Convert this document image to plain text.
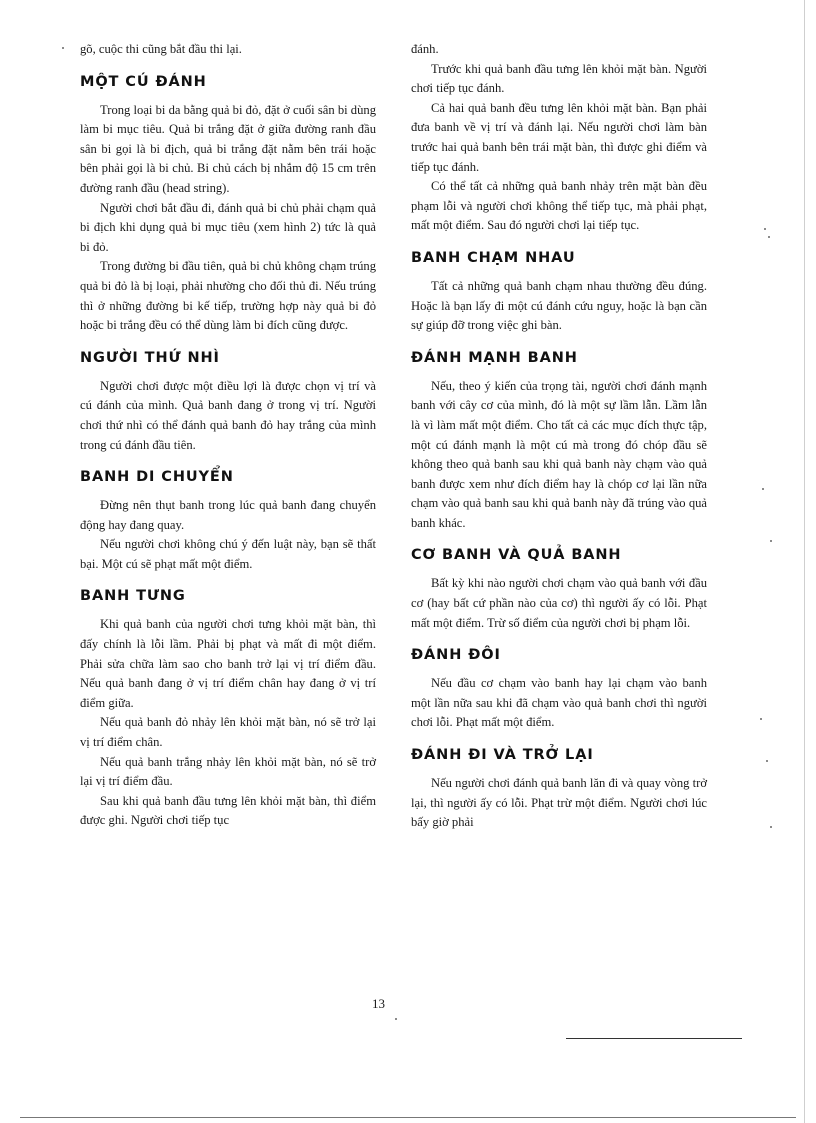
gõ, cuộc thi cũng bắt đầu thi lại.

MỘT CÚ ĐÁNH

Trong loại bi da bằng quả bi đỏ, đặt ở cuối sân bi dùng làm bi mục tiêu. Quả bi trắng đặt ở giữa đường ranh đầu sân bi gọi là bi địch, quả bi trắng đặt nằm bên trái hoặc bên phải gọi là bi chủ. Bi chủ cách bị nhắm độ 15 cm trên đường ranh đầu (head string).

Người chơi bắt đầu đi, đánh quả bi chủ phải chạm quả bi địch khi dụng quả bi mục tiêu (xem hình 2) tức là quả bi đỏ.

Trong đường bi đầu tiên, quả bi chủ không chạm trúng quả bi đỏ là bị loại, phải nhường cho đối thủ đi. Nếu trúng thì ở những đường bi kế tiếp, trường hợp này quả bi đỏ hoặc bi trắng đều có thể dùng làm bi đích cũng được.

NGƯỜI THỨ NHÌ

Người chơi được một điều lợi là được chọn vị trí và cú đánh của mình. Quả banh đang ở trong vị trí. Người chơi thứ nhì có thể đánh quả banh đỏ hay trắng của mình trong cú đánh đầu tiên.

BANH DI CHUYỂN

Đừng nên thụt banh trong lúc quả banh đang chuyển động hay đang quay.

Nếu người chơi không chú ý đến luật này, bạn sẽ thất bại. Một cú sẽ phạt mất một điểm.

BANH TƯNG

Khi quả banh của người chơi tưng khỏi mặt bàn, thì đấy chính là lỗi lầm. Phải bị phạt và mất đi một điểm. Phải sửa chữa làm sao cho banh trở lại vị trí điểm đầu. Nếu quả banh đang ở vị trí điểm chân hay đang ở vị trí điểm giữa.

Nếu quả banh đỏ nhảy lên khỏi mặt bàn, nó sẽ trở lại vị trí điểm chân.

Nếu quả banh trắng nhảy lên khỏi mặt bàn, nó sẽ trở lại vị trí điểm đầu.

Sau khi quả banh đầu tưng lên khỏi mặt bàn, thì điểm được ghi. Người chơi tiếp tục

đánh.

Trước khi quả banh đầu tưng lên khỏi mặt bàn. Người chơi tiếp tục đánh.

Cả hai quả banh đều tưng lên khỏi mặt bàn. Bạn phải đưa banh về vị trí và đánh lại. Nếu người chơi làm bàn trước hai quả banh bên trái mặt bàn, thì được ghi điểm và tiếp tục đánh.

Có thể tất cả những quả banh nhảy trên mặt bàn đều phạm lỗi và người chơi không thể tiếp tục, mà phải phạt, mất một điểm. Sau đó người chơi lại tiếp tục.

BANH CHẠM NHAU

Tất cả những quả banh chạm nhau thường đều đúng. Hoặc là bạn lấy đi một cú đánh cứu nguy, hoặc là bạn cần sự giúp đỡ trong việc ghi bàn.

ĐÁNH MẠNH BANH

Nếu, theo ý kiến của trọng tài, người chơi đánh mạnh banh với cây cơ của mình, đó là một sự lầm lẫn. Lầm lẫn là vì làm mất một điểm. Cho tất cả các mục đích thực tập, một cú đánh mạnh là một cú mà trong đó chóp đầu sẽ không theo quả banh sau khi quả banh này chạm vào quả banh được xem như đích điểm hay là chóp cơ lại lần nữa chạm vào quả banh sau khi quả banh này đã trúng vào quả banh khác.

CƠ BANH VÀ QUẢ BANH

Bất kỳ khi nào người chơi chạm vào quả banh với đầu cơ (hay bất cứ phần nào của cơ) thì người ấy có lỗi. Phạt mất một điểm. Trừ số điểm của người chơi bị phạm lỗi.

ĐÁNH ĐÔI

Nếu đầu cơ chạm vào banh hay lại chạm vào banh một lần nữa sau khi đã chạm vào quả banh chơi thì người chơi lỗi. Phạt mất một điểm.

ĐÁNH ĐI VÀ TRỞ LẠI

Nếu người chơi đánh quả banh lăn đi và quay vòng trở lại, thì người ấy có lỗi. Phạt trừ một điểm. Người chơi lúc bấy giờ phải

13
